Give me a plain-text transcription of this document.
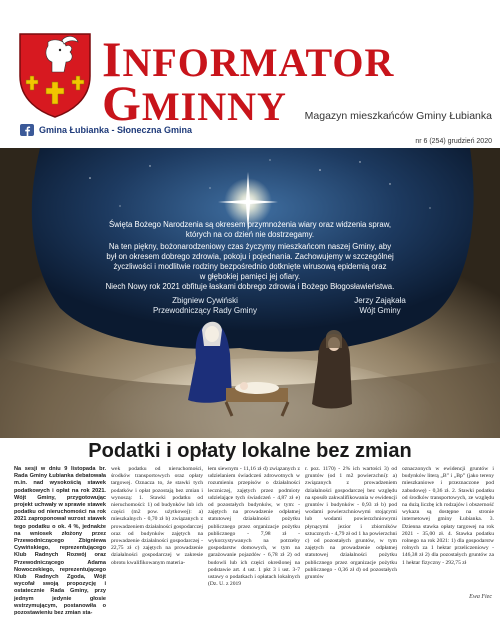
INFORMATOR
GMINNY Magazyn mieszkańców Gminy Łubianka
Gmina Łubianka - Słoneczna Gmina
nr 6 (254) grudzień 2020
Święta Bożego Narodzenia są okresem przymnożenia wiary oraz widzenia spraw,
których na co dzień nie dostrzegamy.
Na ten piękny, bożonarodzeniowy czas życzymy mieszkańcom naszej Gminy, aby
był on okresem dobrego zdrowia, pokoju i pojednania. Zachowujemy w szczególnej
życzliwości i modlitwie rodziny bezpośrednio dotknięte wirusową epidemią oraz
w głębokiej pamięci jej ofiary.
Niech Nowy rok 2021 obfituje łaskami dobrego zdrowia i Bożego Błogosławieństwa.
Zbigniew Cywiński
Przewodniczący Rady Gminy
Jerzy Zająkała
Wójt Gminy
Podatki i opłaty lokalne bez zmian

Na sesji w dniu 9 listopada br. Rada Gminy Łubianka debatowała m.in. nad wysokością stawek podatkowych i opłat na rok 2021. Wójt Gminy, przygotowując projekt uchwały w sprawie stawek podatku od nieruchomości na rok 2021 zaproponował wzrost stawek tego podatku o ok. 4 %, jednakże na wniosek złożony przez Przewodniczącego Zbigniewa Cywińskiego, reprezentującego Klub Radnych Rozwój oraz Przewodniczącego Adama Nowoczekiego, reprezentującego Klub Radnych Zgoda, Wójt wycofał swoją propozycję i ostatecznie Rada Gminy, przy jednym jedynie głosie wstrzymującym, postanowiła o pozostawieniu bez zmian sta-

wek podatku od nieruchomości, środków transportowych oraz opłaty targowej. Oznacza to, że stawki tych podatków i opłat pozostają bez zmian i wynoszą: 1. Stawki podatku od nieruchomości: 1) od budynków lub ich części (m2 pow. użytkowej): a) mieszkalnych - 0,70 zł b) związanych z prowadzeniem działalności gospodarczej oraz od budynków zajętych na prowadzenie działalności gospodarczej - 22,75 zł c) zajętych na prowadzenie działalności gospodarczej w zakresie obrotu kwalifikowanym materia-

łem siewnym - 11,16 zł d) związanych z udzielaniem świadczeń zdrowotnych w rozumieniu przepisów o działalności leczniczej, zajętych przez podmioty udzielające tych świadczeń - 4,87 zł e) od pozostałych budynków, w tym: - zajętych na prowadzenie odpłatnej statutowej działalności pożytku publicznego przez organizacje pożytku publicznego - 7,98 zł - wykorzystywanych na potrzeby gospodarstw domowych, w tym na garażowanie pojazdów - 6,78 zł 2) od budowli lub ich części określonej na podstawie art. 4 ust. 1 pkt 3 i ust. 3-7 ustawy o podatkach i opłatach lokalnych (Dz. U. z 2019

r. poz. 1170) - 2% ich wartości 3) od gruntów (od 1 m2 powierzchni): a) związanych z prowadzeniem działalności gospodarczej bez względu na sposób zakwalifikowania w ewidencji gruntów i budynków - 0,93 zł b) pod wodami powierzchniowymi stojącymi lub wodami powierzchniowymi płynącymi jezior i zbiorników sztucznych - 4,79 zł od 1 ha powierzchni c) od pozostałych gruntów, w tym zajętych na prowadzenie odpłatnej statutowej działalności pożytku publicznego przez organizacje pożytku publicznego - 0,36 zł d) od pozostałych gruntów

oznaczonych w ewidencji gruntów i budynków literą „B” i „Bp” (jako tereny mieszkaniowe i przeznaczone pod zabudowę) - 0,36 zł. 2. Stawki podatku od środków transportowych, ze względu na dużą liczbę ich rodzajów i obszerność wykazu są dostępne na stronie internetowej gminy Łubianka. 3. Dzienna stawka opłaty targowej na rok 2021 - 35,00 zł. 4. Stawka podatku rolnego na rok 2021: 1) dla gospodarstw rolnych za 1 hektar przeliczeniowy - 146,38 zł 2) dla pozostałych gruntów za 1 hektar fizyczny - 292,75 zł

Ewa Fiec
